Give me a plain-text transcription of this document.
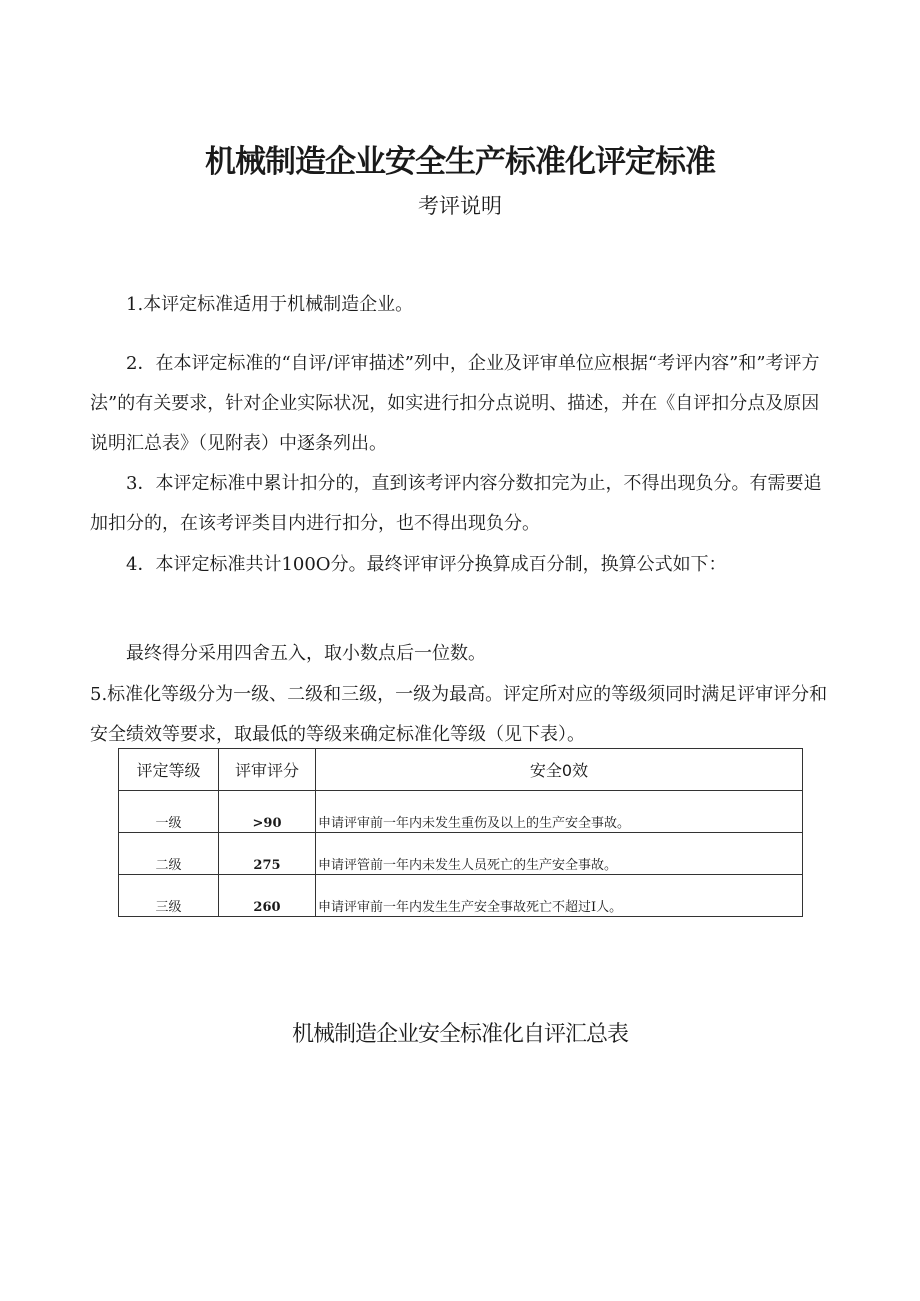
机械制造企业安全生产标准化评定标准
考评说明
1.本评定标准适用于机械制造企业。
2．在本评定标准的“自评/评审描述”列中，企业及评审单位应根据“考评内容”和”考评方法”的有关要求，针对企业实际状况，如实进行扣分点说明、描述，并在《自评扣分点及原因说明汇总表》（见附表）中逐条列出。
3．本评定标准中累计扣分的，直到该考评内容分数扣完为止，不得出现负分。有需要追加扣分的，在该考评类目内进行扣分，也不得出现负分。
4．本评定标准共计100O分。最终评审评分换算成百分制，换算公式如下：
最终得分采用四舍五入，取小数点后一位数。
5.标准化等级分为一级、二级和三级，一级为最高。评定所对应的等级须同时满足评审评分和安全绩效等要求，取最低的等级来确定标准化等级（见下表）。
评定等级	评审评分	安全0效
一级	>90	申请评审前一年内未发生重伤及以上的生产安全事故。
二级	275	申请评管前一年内未发生人员死亡的生产安全事故。
三级	260	申请评审前一年内发生生产安全事故死亡不超过I人。
机械制造企业安全标准化自评汇总表
